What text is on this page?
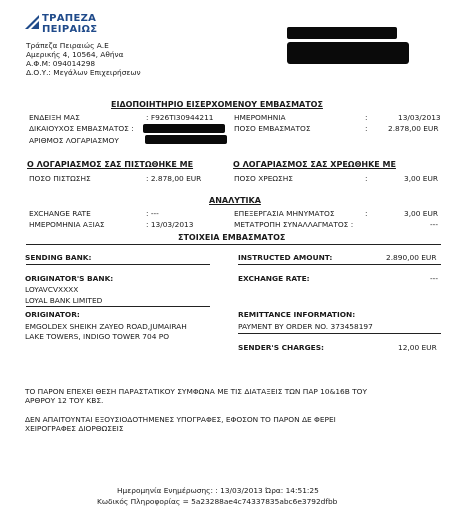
ΤΡΑΠΕΖΑ
ΠΕΙΡΑΙΩΣ
Τράπεζα Πειραιώς Α.Ε
Αμερικής 4, 10564, Αθήνα
Α.Φ.Μ: 094014298
Δ.Ο.Υ.: Μεγάλων Επιχειρήσεων
ΕΙΔΟΠΟΙΗΤΗΡΙΟ ΕΙΣΕΡΧΟΜΕΝΟΥ ΕΜΒΑΣΜΑΤΟΣ
ΕΝΔΕΙΞΗ ΜΑΣ	: F926TI30944211
ΔΙΚΑΙΟΥΧΟΣ ΕΜΒΑΣΜΑΤΟΣ :
ΑΡΙΘΜΟΣ ΛΟΓΑΡΙΑΣΜΟΥ
ΗΜΕΡΟΜΗΝΙΑ	:	13/03/2013
ΠΟΣΟ ΕΜΒΑΣΜΑΤΟΣ	:	2.878,00 EUR
Ο ΛΟΓΑΡΙΑΣΜΟΣ ΣΑΣ ΠΙΣΤΩΘΗΚΕ ΜΕ
ΠΟΣΟ ΠΙΣΤΩΣΗΣ	: 2.878,00 EUR
Ο ΛΟΓΑΡΙΑΣΜΟΣ ΣΑΣ ΧΡΕΩΘΗΚΕ ΜΕ
ΠΟΣΟ ΧΡΕΩΣΗΣ	:	3,00 EUR
ΑΝΑΛΥΤΙΚΑ
EXCHANGE RATE	: ---
ΗΜΕΡΟΜΗΝΙΑ ΑΞΙΑΣ	: 13/03/2013
ΕΠΕΞΕΡΓΑΣΙΑ ΜΗΝΥΜΑΤΟΣ	:	3,00 EUR
ΜΕΤΑΤΡΟΠΗ ΣΥΝΑΛΛΑΓΜΑΤΟΣ :	---
ΣΤΟΙΧΕΙΑ ΕΜΒΑΣΜΑΤΟΣ
SENDING BANK:	INSTRUCTED AMOUNT:	2.890,00 EUR
ORIGINATOR'S BANK:
LOYAVCVXXXX
LOYAL BANK LIMITED
EXCHANGE RATE:	---
ORIGINATOR:
EMGOLDEX SHEIKH ZAYEO ROAD,JUMAIRAH
LAKE TOWERS, INDIGO TOWER 704 PO
REMITTANCE INFORMATION:
PAYMENT BY ORDER NO. 373458197
SENDER'S CHARGES:	12,00 EUR
ΤΟ ΠΑΡΟΝ ΕΠΕΧΕΙ ΘΕΣΗ ΠΑΡΑΣΤΑΤΙΚΟΥ ΣΥΜΦΩΝΑ ΜΕ ΤΙΣ ΔΙΑΤΑΞΕΙΣ ΤΩΝ ΠΑΡ 10&16Β ΤΟΥ
ΑΡΘΡΟΥ 12 ΤΟΥ ΚΒΣ.
ΔΕΝ ΑΠΑΙΤΟΥΝΤΑΙ ΕΞΟΥΣΙΟΔΟΤΗΜΕΝΕΣ ΥΠΟΓΡΑΦΕΣ, ΕΦΟΣΟΝ ΤΟ ΠΑΡΟΝ ΔΕ ΦΕΡΕΙ
ΧΕΙΡΟΓΡΑΦΕΣ ΔΙΟΡΘΩΣΕΙΣ
Ημερομηνία Ενημέρωσης: : 13/03/2013 Ώρα: 14:51:25
Κωδικός Πληροφορίας = 5a23288ae4c74337835abc6e3792dfbb
